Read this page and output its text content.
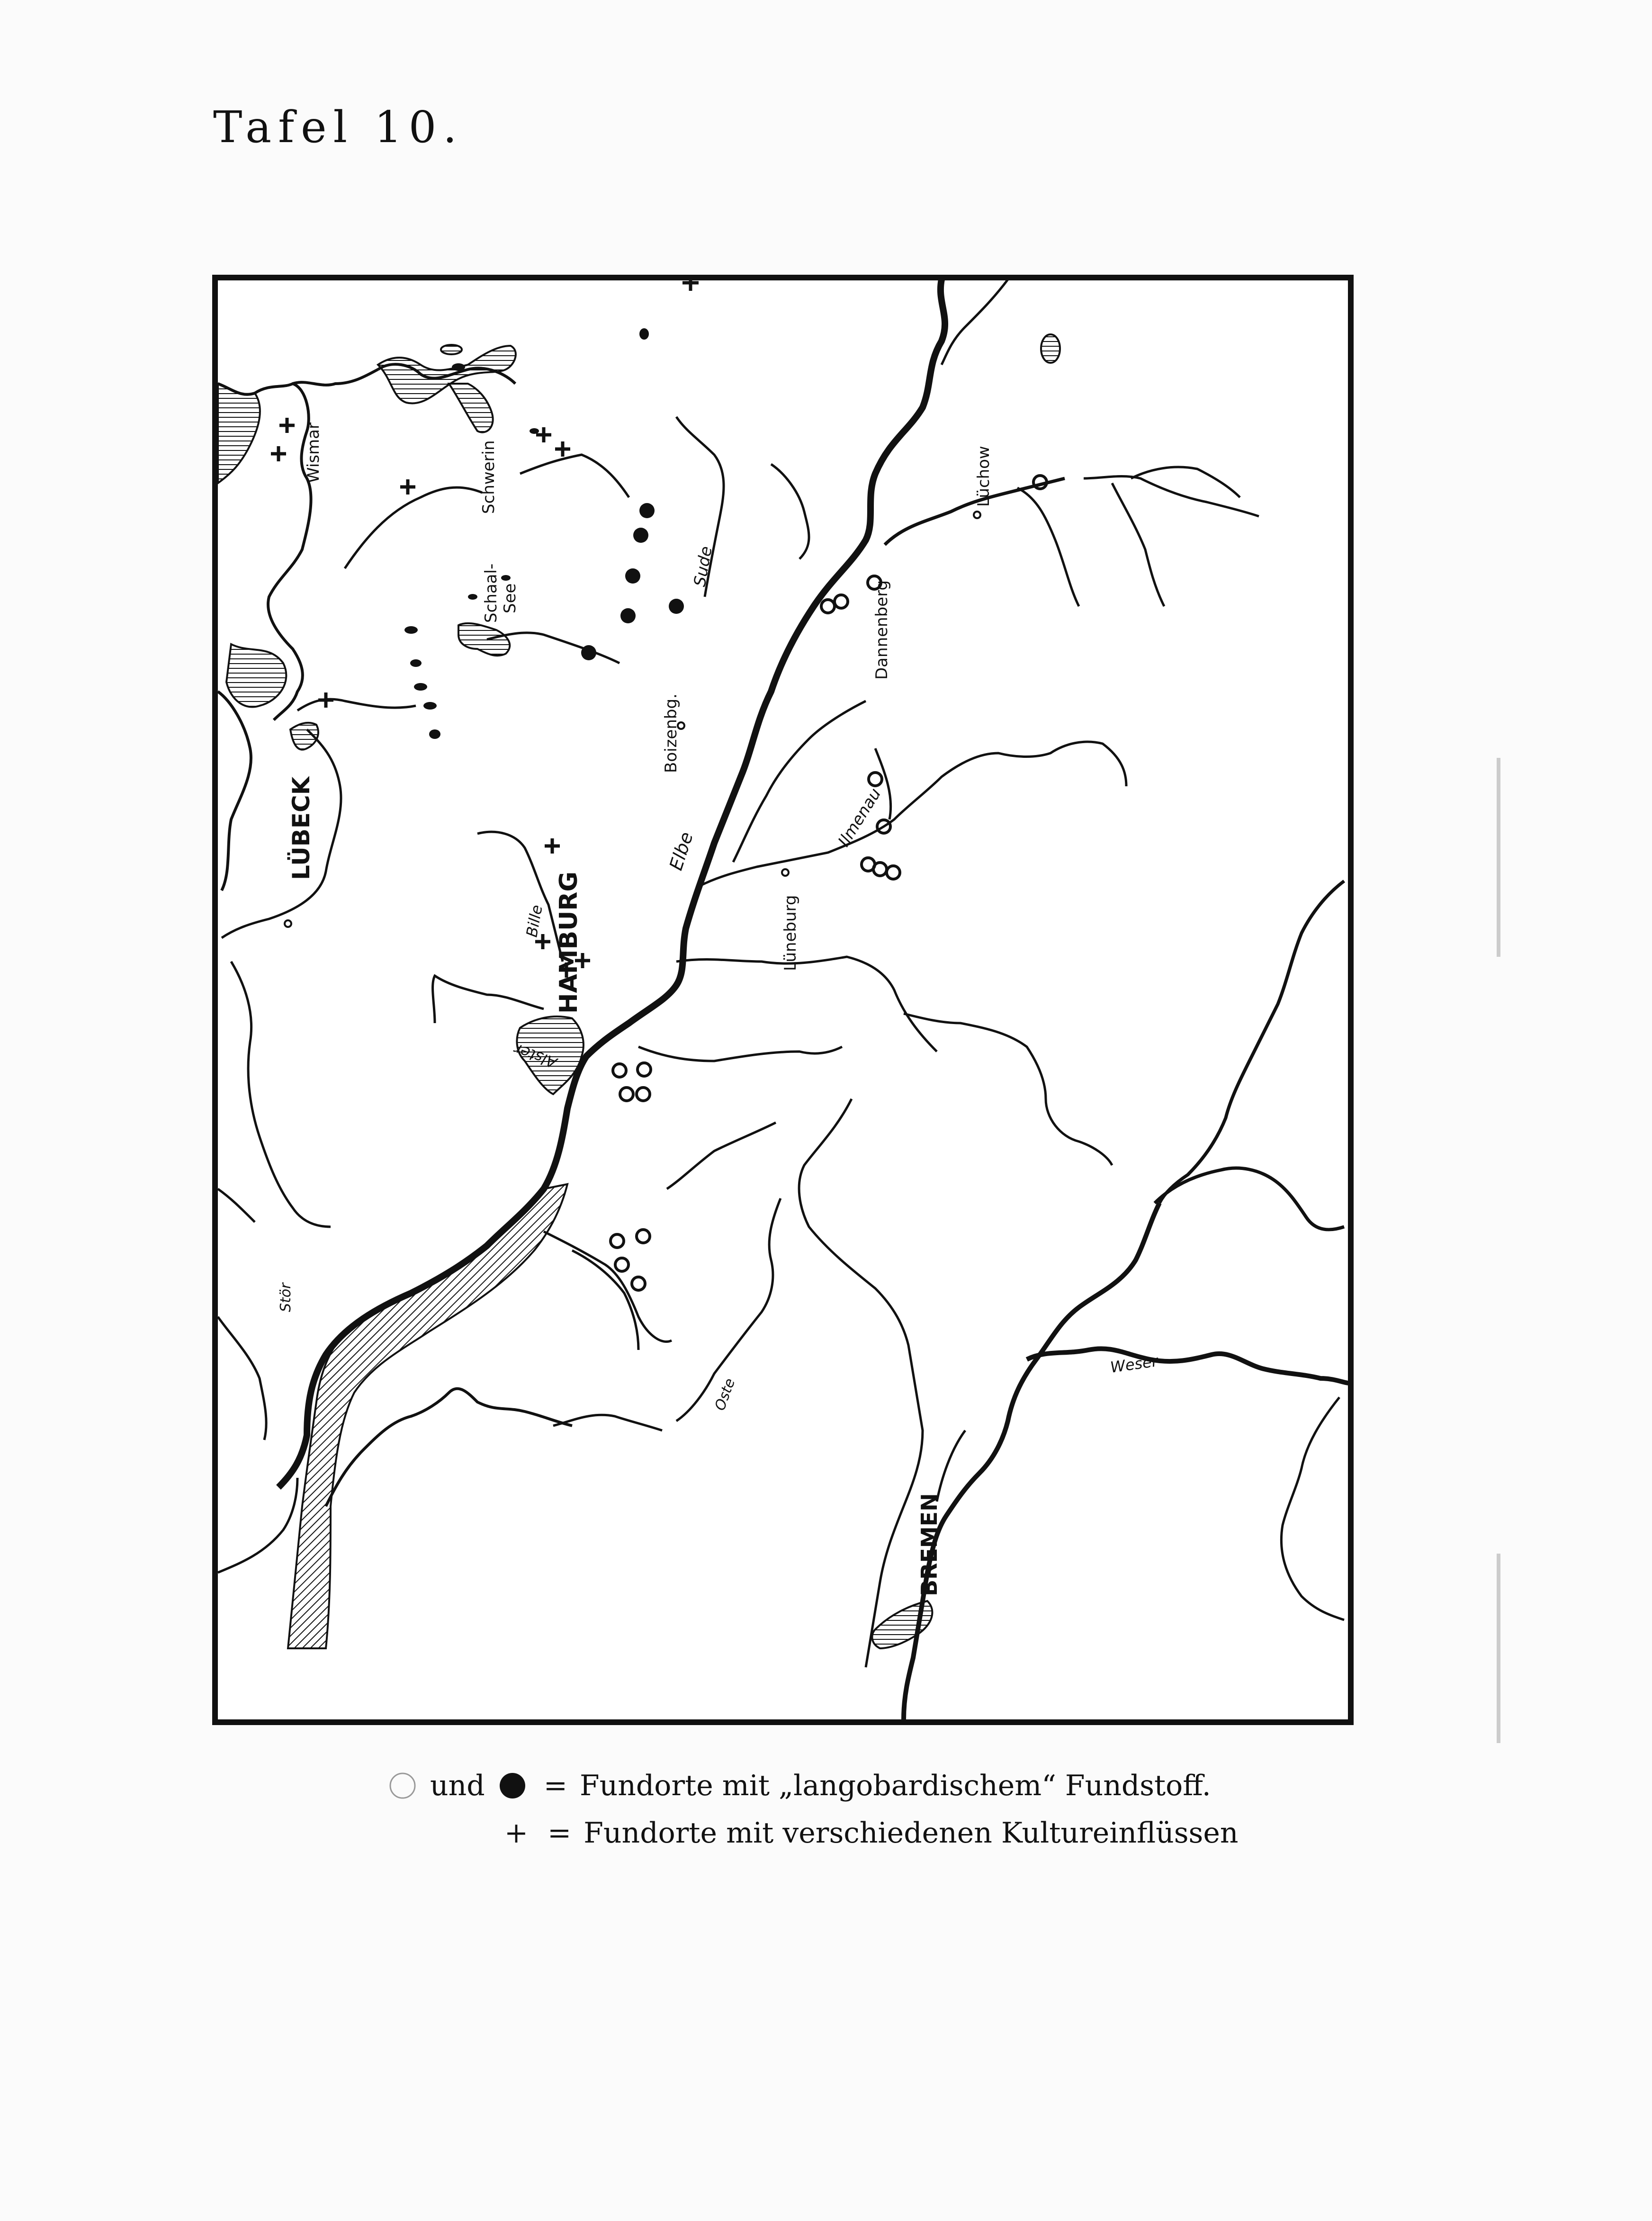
Tafel 10.
LÜBECK
HAMBURG
BREMEN
Wismar	Schwerin
Schaal- See
Boizenbg.
Dannenberg
Lüchow
Lüneburg
Elbe
Sude
Ilmenau
Bille
Alster
Stör
Oste
Weser
und = Fundorte mit „langobardischem“ Fundstoff.
+ = Fundorte mit verschiedenen Kultureinflüssen
